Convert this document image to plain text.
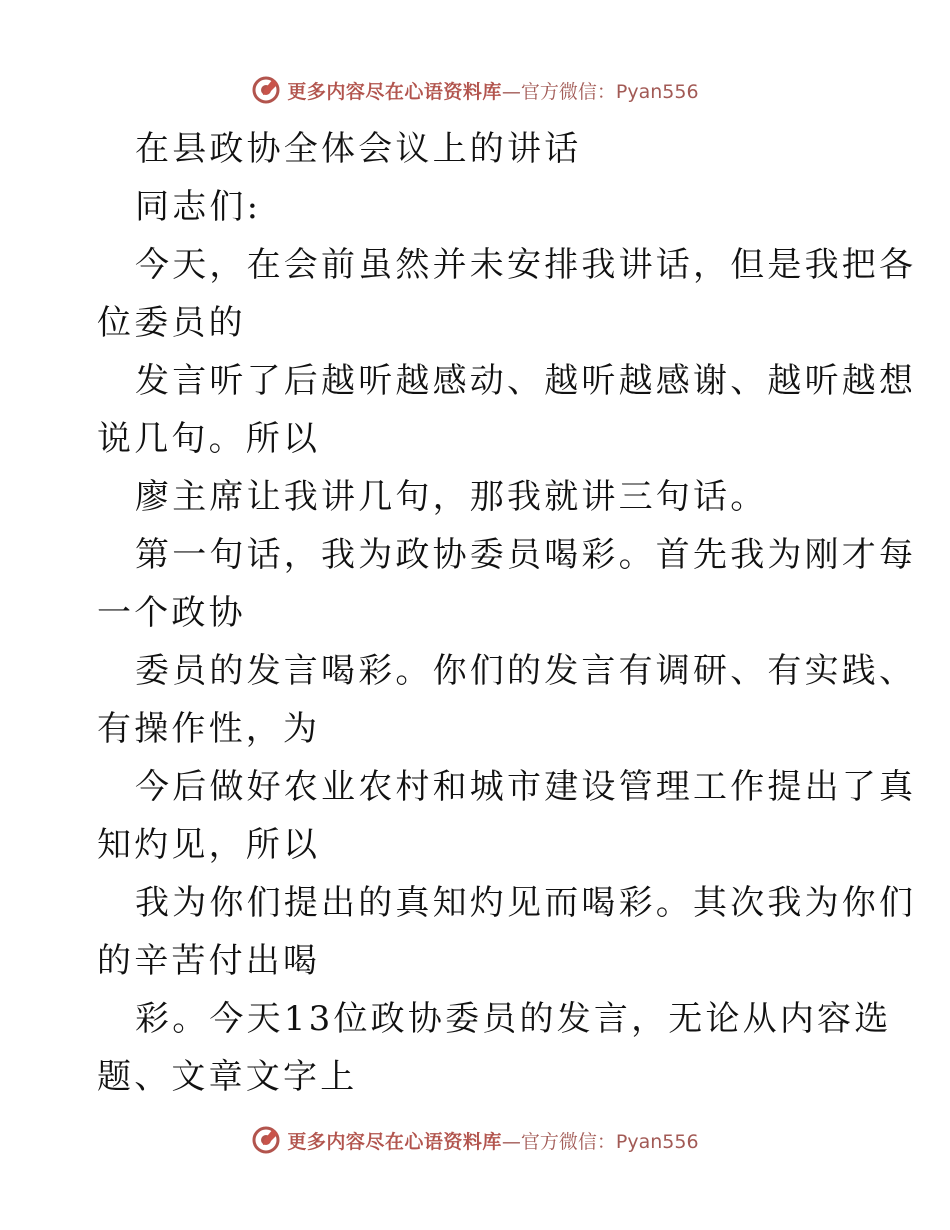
更多内容尽在心语资料库 —官方微信：Pyan556
在县政协全体会议上的讲话
同志们:
今天，在会前虽然并未安排我讲话，但是我把各
位委员的
发言听了后越听越感动、越听越感谢、越听越想
说几句。所以
廖主席让我讲几句，那我就讲三句话。
第一句话，我为政协委员喝彩。首先我为刚才每
一个政协
委员的发言喝彩。你们的发言有调研、有实践、
有操作性，为
今后做好农业农村和城市建设管理工作提出了真
知灼见，所以
我为你们提出的真知灼见而喝彩。其次我为你们
的辛苦付出喝
彩。今天13位政协委员的发言，无论从内容选
题、文章文字上
更多内容尽在心语资料库 —官方微信：Pyan556
